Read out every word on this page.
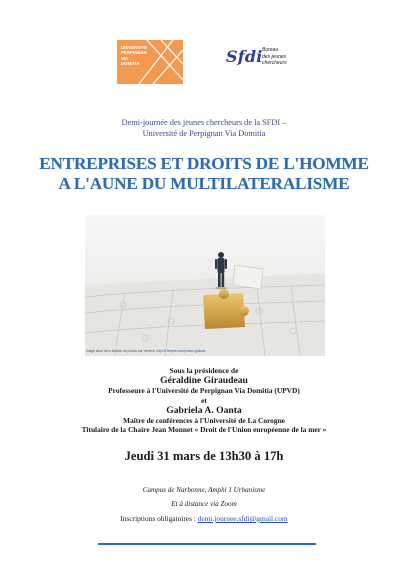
UNIVERSITE
PERPIGNAN
VIA
DOMITIA	Sfdi Bureau
des jeunes chercheurs
Demi-journée des jeunes chercheurs de la SFDI –
Université de Perpignan Via Domitia
ENTREPRISES ET DROITS DE L'HOMME
A L'AUNE DU MULTILATERALISME
Image issue de la librairie de photos par Yannick, http://fr.freepik.com/photos-gratuite
Sous la présidence de
Géraldine Giraudeau
Professeure à l'Université de Perpignan Via Domitia (UPVD)
et
Gabriela A. Oanta
Maître de conférences à l'Université de La Corogne
Titulaire de la Chaire Jean Monnet « Droit de l'Union européenne de la mer »
Jeudi 31 mars de 13h30 à 17h
Campus de Narbonne, Amphi 1 Urbanisme
Et à distance via Zoom
Inscriptions obligatoires : demi.journee.sfdi@gmail.com
